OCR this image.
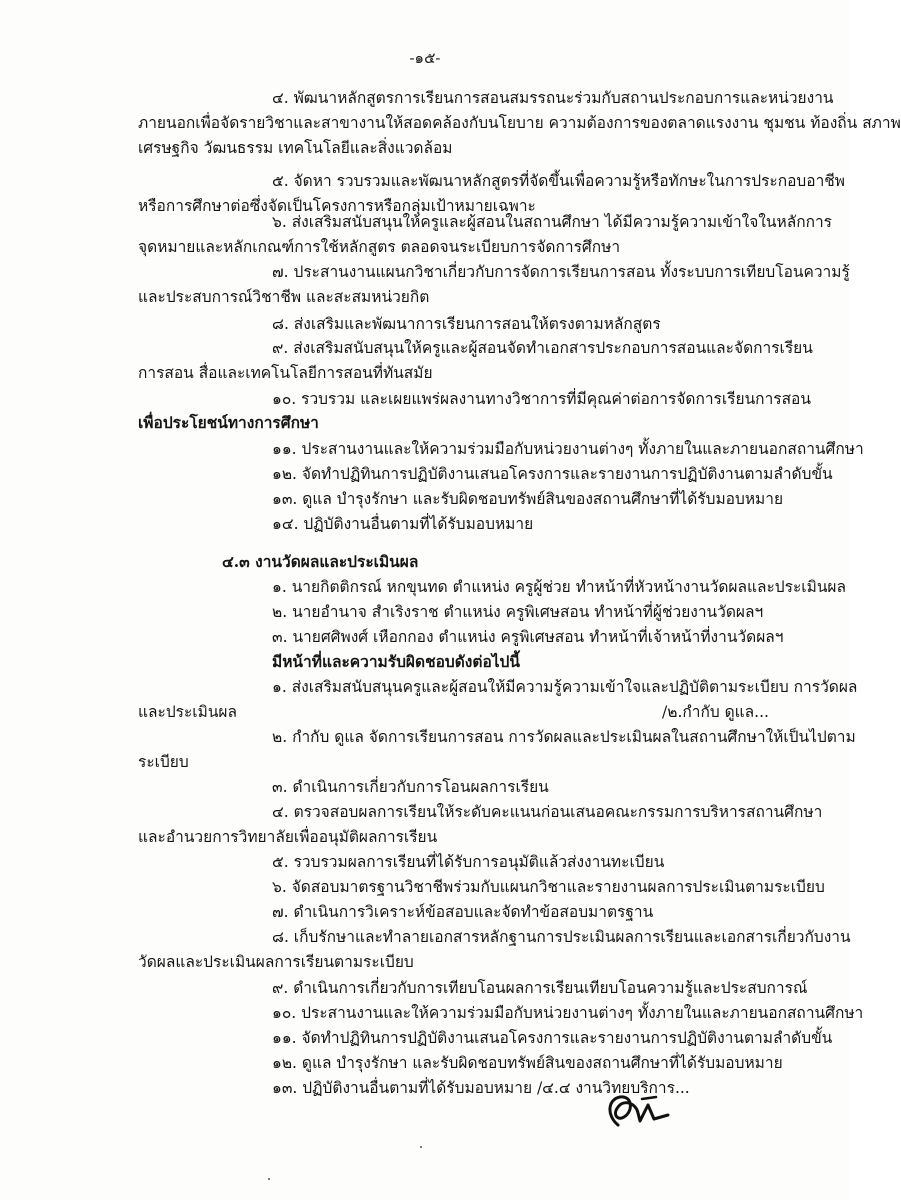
-๑๕-
๔. พัฒนาหลักสูตรการเรียนการสอนสมรรถนะร่วมกับสถานประกอบการและหน่วยงาน
ภายนอกเพื่อจัดรายวิชาและสาขางานให้สอดคล้องกับนโยบาย ความต้องการของตลาดแรงงาน ชุมชน ท้องถิ่น สภาพ
เศรษฐกิจ วัฒนธรรม เทคโนโลยีและสิ่งแวดล้อม
๕. จัดหา รวบรวมและพัฒนาหลักสูตรที่จัดขึ้นเพื่อความรู้หรือทักษะในการประกอบอาชีพ
หรือการศึกษาต่อซึ่งจัดเป็นโครงการหรือกลุ่มเป้าหมายเฉพาะ
๖. ส่งเสริมสนับสนุนให้ครูและผู้สอนในสถานศึกษา ได้มีความรู้ความเข้าใจในหลักการ
จุดหมายและหลักเกณฑ์การใช้หลักสูตร ตลอดจนระเบียบการจัดการศึกษา
๗. ประสานงานแผนกวิชาเกี่ยวกับการจัดการเรียนการสอน ทั้งระบบการเทียบโอนความรู้
และประสบการณ์วิชาชีพ และสะสมหน่วยกิต
๘. ส่งเสริมและพัฒนาการเรียนการสอนให้ตรงตามหลักสูตร
๙. ส่งเสริมสนับสนุนให้ครูและผู้สอนจัดทำเอกสารประกอบการสอนและจัดการเรียน
การสอน สื่อและเทคโนโลยีการสอนที่ทันสมัย
๑๐. รวบรวม และเผยแพร่ผลงานทางวิชาการที่มีคุณค่าต่อการจัดการเรียนการสอน
เพื่อประโยชน์ทางการศึกษา
๑๑. ประสานงานและให้ความร่วมมือกับหน่วยงานต่างๆ ทั้งภายในและภายนอกสถานศึกษา
๑๒. จัดทำปฏิทินการปฏิบัติงานเสนอโครงการและรายงานการปฏิบัติงานตามลำดับขั้น
๑๓. ดูแล บำรุงรักษา และรับผิดชอบทรัพย์สินของสถานศึกษาที่ได้รับมอบหมาย
๑๔. ปฏิบัติงานอื่นตามที่ได้รับมอบหมาย
๔.๓ งานวัดผลและประเมินผล
๑. นายกิตติกรณ์ หกขุนทด ตำแหน่ง ครูผู้ช่วย ทำหน้าที่หัวหน้างานวัดผลและประเมินผล
๒. นายอำนาจ สำเริงราช ตำแหน่ง ครูพิเศษสอน ทำหน้าที่ผู้ช่วยงานวัดผลฯ
๓. นายศศิพงศ์ เหือกกอง ตำแหน่ง ครูพิเศษสอน ทำหน้าที่เจ้าหน้าที่งานวัดผลฯ
มีหน้าที่และความรับผิดชอบดังต่อไปนี้
๑. ส่งเสริมสนับสนุนครูและผู้สอนให้มีความรู้ความเข้าใจและปฏิบัติตามระเบียบ การวัดผล
และประเมินผล	/๒.กำกับ ดูแล...
๒. กำกับ ดูแล จัดการเรียนการสอน การวัดผลและประเมินผลในสถานศึกษาให้เป็นไปตาม
ระเบียบ
๓. ดำเนินการเกี่ยวกับการโอนผลการเรียน
๔. ตรวจสอบผลการเรียนให้ระดับคะแนนก่อนเสนอคณะกรรมการบริหารสถานศึกษา
และอำนวยการวิทยาลัยเพื่ออนุมัติผลการเรียน
๕. รวบรวมผลการเรียนที่ได้รับการอนุมัติแล้วส่งงานทะเบียน
๖. จัดสอบมาตรฐานวิชาชีพร่วมกับแผนกวิชาและรายงานผลการประเมินตามระเบียบ
๗. ดำเนินการวิเคราะห์ข้อสอบและจัดทำข้อสอบมาตรฐาน
๘. เก็บรักษาและทำลายเอกสารหลักฐานการประเมินผลการเรียนและเอกสารเกี่ยวกับงาน
วัดผลและประเมินผลการเรียนตามระเบียบ
๙. ดำเนินการเกี่ยวกับการเทียบโอนผลการเรียนเทียบโอนความรู้และประสบการณ์
๑๐. ประสานงานและให้ความร่วมมือกับหน่วยงานต่างๆ ทั้งภายในและภายนอกสถานศึกษา
๑๑. จัดทำปฏิทินการปฏิบัติงานเสนอโครงการและรายงานการปฏิบัติงานตามลำดับขั้น
๑๒. ดูแล บำรุงรักษา และรับผิดชอบทรัพย์สินของสถานศึกษาที่ได้รับมอบหมาย
๑๓. ปฏิบัติงานอื่นตามที่ได้รับมอบหมาย /๔.๔ งานวิทยบริการ...
